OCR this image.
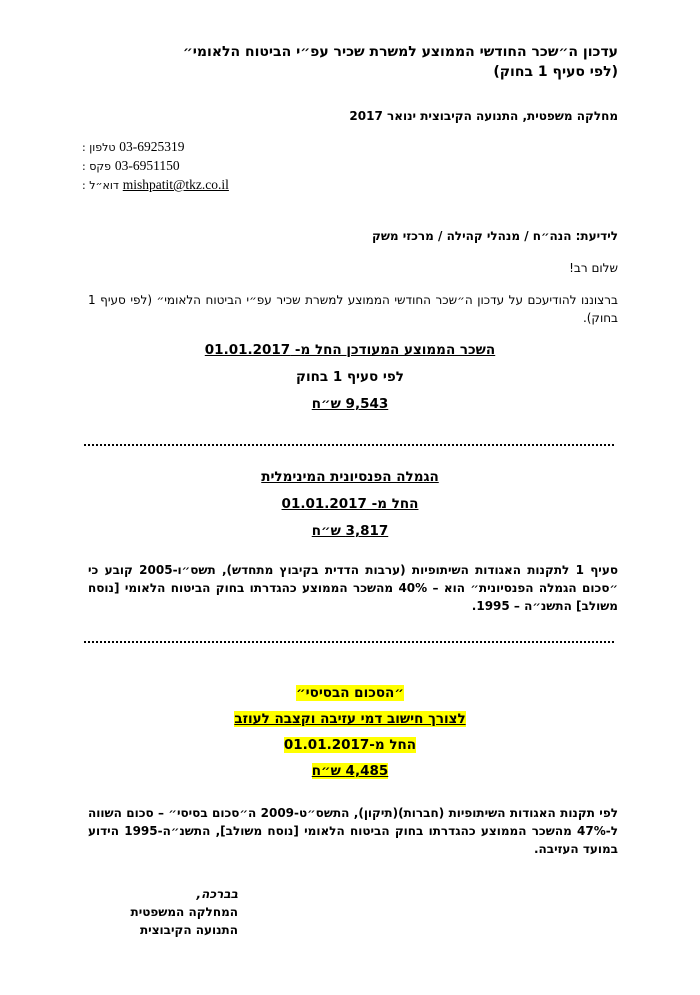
עדכון ה״שכר החודשי הממוצע למשרת שכיר עפ״י הביטוח הלאומי״
(לפי סעיף 1 בחוק)
מחלקה משפטית, התנועה הקיבוצית ינואר 2017
03-6925319 טלפון :
03-6951150 פקס :
mishpatit@tkz.co.il דוא״ל :
לידיעת: הנה״ח / מנהלי קהילה / מרכזי משק
שלום רב!
ברצוננו להודיעכם על עדכון ה״שכר החודשי הממוצע למשרת שכיר עפ״י הביטוח הלאומי״ (לפי סעיף 1 בחוק).
השכר הממוצע המעודכן החל מ- 01.01.2017
לפי סעיף 1 בחוק
9,543 ש״ח
הגמלה הפנסיונית המינימלית
החל מ- 01.01.2017
3,817 ש״ח
סעיף 1 לתקנות האגודות השיתופיות (ערבות הדדית בקיבוץ מתחדש), תשס״ו-2005 קובע כי ״סכום הגמלה הפנסיונית״ הוא – 40% מהשכר הממוצע כהגדרתו בחוק הביטוח הלאומי [נוסח משולב] התשנ״ה – 1995.
״הסכום הבסיסי״
לצורך חישוב דמי עזיבה וקצבה לעוזב
החל מ-01.01.2017
4,485 ש״ח
לפי תקנות האגודות השיתופיות (חברות)(תיקון), התשס״ט-2009 ה״סכום בסיסי״ – סכום השווה ל-47% מהשכר הממוצע כהגדרתו בחוק הביטוח הלאומי [נוסח משולב], התשנ״ה-1995 הידוע במועד העזיבה.
בברכה,
המחלקה המשפטית
התנועה הקיבוצית
